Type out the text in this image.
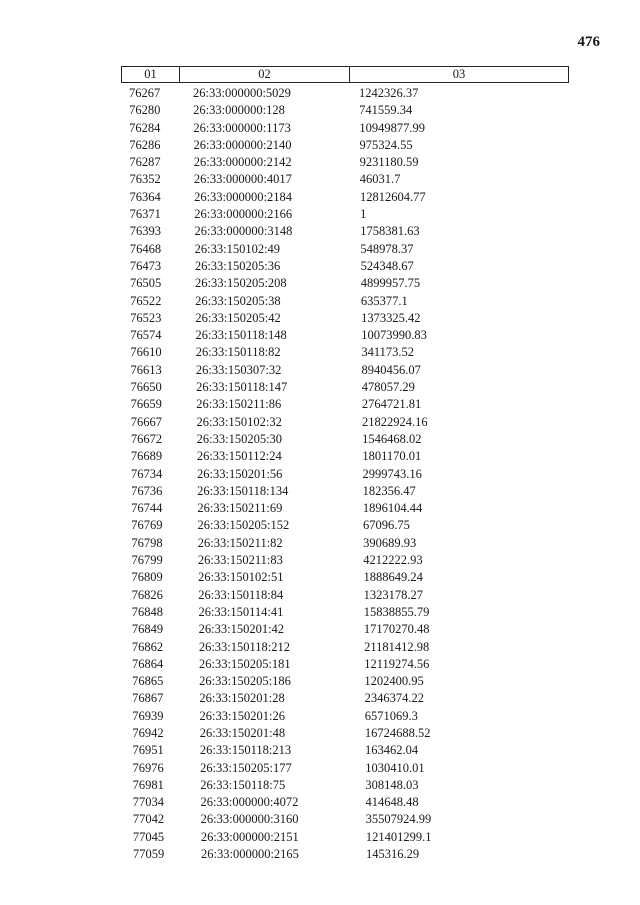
476
01	02	03
76267	26:33:000000:5029	1242326.37
76280	26:33:000000:128	741559.34
76284	26:33:000000:1173	10949877.99
76286	26:33:000000:2140	975324.55
76287	26:33:000000:2142	9231180.59
76352	26:33:000000:4017	46031.7
76364	26:33:000000:2184	12812604.77
76371	26:33:000000:2166	1
76393	26:33:000000:3148	1758381.63
76468	26:33:150102:49	548978.37
76473	26:33:150205:36	524348.67
76505	26:33:150205:208	4899957.75
76522	26:33:150205:38	635377.1
76523	26:33:150205:42	1373325.42
76574	26:33:150118:148	10073990.83
76610	26:33:150118:82	341173.52
76613	26:33:150307:32	8940456.07
76650	26:33:150118:147	478057.29
76659	26:33:150211:86	2764721.81
76667	26:33:150102:32	21822924.16
76672	26:33:150205:30	1546468.02
76689	26:33:150112:24	1801170.01
76734	26:33:150201:56	2999743.16
76736	26:33:150118:134	182356.47
76744	26:33:150211:69	1896104.44
76769	26:33:150205:152	67096.75
76798	26:33:150211:82	390689.93
76799	26:33:150211:83	4212222.93
76809	26:33:150102:51	1888649.24
76826	26:33:150118:84	1323178.27
76848	26:33:150114:41	15838855.79
76849	26:33:150201:42	17170270.48
76862	26:33:150118:212	21181412.98
76864	26:33:150205:181	12119274.56
76865	26:33:150205:186	1202400.95
76867	26:33:150201:28	2346374.22
76939	26:33:150201:26	6571069.3
76942	26:33:150201:48	16724688.52
76951	26:33:150118:213	163462.04
76976	26:33:150205:177	1030410.01
76981	26:33:150118:75	308148.03
77034	26:33:000000:4072	414648.48
77042	26:33:000000:3160	35507924.99
77045	26:33:000000:2151	121401299.1
77059	26:33:000000:2165	145316.29
